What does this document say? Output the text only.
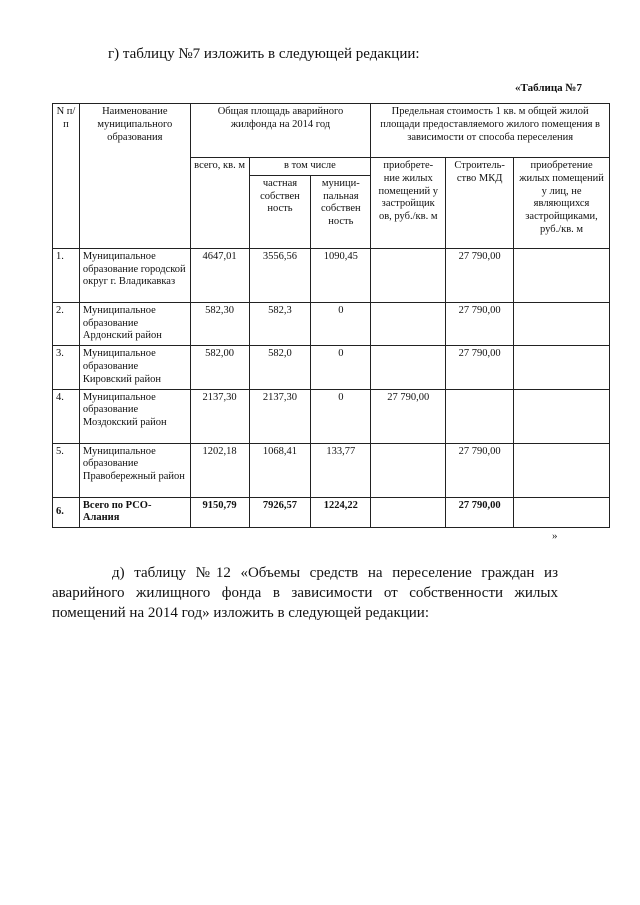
г) таблицу №7 изложить в следующей редакции:
«Таблица №7
N п/п	Наименование муниципального образования	Общая площадь аварийного жилфонда на 2014 год			Предельная стоимость 1 кв. м общей жилой площади предоставляемого жилого помещения в зависимости от способа переселения		
		всего, кв. м	в том числе		приобрете- ние жилых помещений у застройщик ов, руб./кв. м	Строитель- ство МКД	приобретение жилых помещений у лиц, не являющихся застройщиками, руб./кв. м
			частная собствен ность	муници- пальная собствен ность			
1.	Муниципальное образование городской округ г. Владикавказ	4647,01	3556,56	1090,45		27 790,00	
2.	Муниципальное образование Ардонский район	582,30	582,3	0		27 790,00	
3.	Муниципальное образование Кировский район	582,00	582,0	0		27 790,00	
4.	Муниципальное образование Моздокский район	2137,30	2137,30	0	27 790,00		
5.	Муниципальное образование Правобережный район	1202,18	1068,41	133,77		27 790,00	
6.	Всего по РСО-Алания	9150,79	7926,57	1224,22		27 790,00	
»
д) таблицу №12 «Объемы средств на переселение граждан из аварийного жилищного фонда в зависимости от собственности жилых помещений на 2014 год» изложить в следующей редакции:
